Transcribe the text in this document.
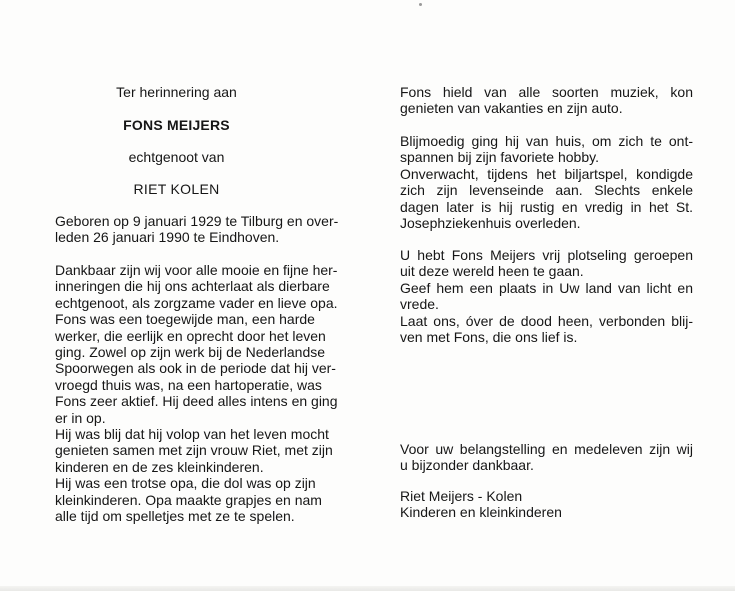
Ter herinnering aan
FONS MEIJERS
echtgenoot van
RIET KOLEN
Geboren op 9 januari 1929 te Tilburg en over-
leden 26 januari 1990 te Eindhoven.
Dankbaar zijn wij voor alle mooie en fijne her-
inneringen die hij ons achterlaat als dierbare
echtgenoot, als zorgzame vader en lieve opa.
Fons was een toegewijde man, een harde
werker, die eerlijk en oprecht door het leven
ging. Zowel op zijn werk bij de Nederlandse
Spoorwegen als ook in de periode dat hij ver-
vroegd thuis was, na een hartoperatie, was
Fons zeer aktief. Hij deed alles intens en ging
er in op.
Hij was blij dat hij volop van het leven mocht
genieten samen met zijn vrouw Riet, met zijn
kinderen en de zes kleinkinderen.
Hij was een trotse opa, die dol was op zijn
kleinkinderen. Opa maakte grapjes en nam
alle tijd om spelletjes met ze te spelen.
Fons hield van alle soorten muziek, kon
genieten van vakanties en zijn auto.
Blijmoedig ging hij van huis, om zich te ont-
spannen bij zijn favoriete hobby.
Onverwacht, tijdens het biljartspel, kondigde
zich zijn levenseinde aan. Slechts enkele
dagen later is hij rustig en vredig in het St.
Josephziekenhuis overleden.
U hebt Fons Meijers vrij plotseling geroepen
uit deze wereld heen te gaan.
Geef hem een plaats in Uw land van licht en
vrede.
Laat ons, óver de dood heen, verbonden blij-
ven met Fons, die ons lief is.
Voor uw belangstelling en medeleven zijn wij
u bijzonder dankbaar.
Riet Meijers - Kolen
Kinderen en kleinkinderen
